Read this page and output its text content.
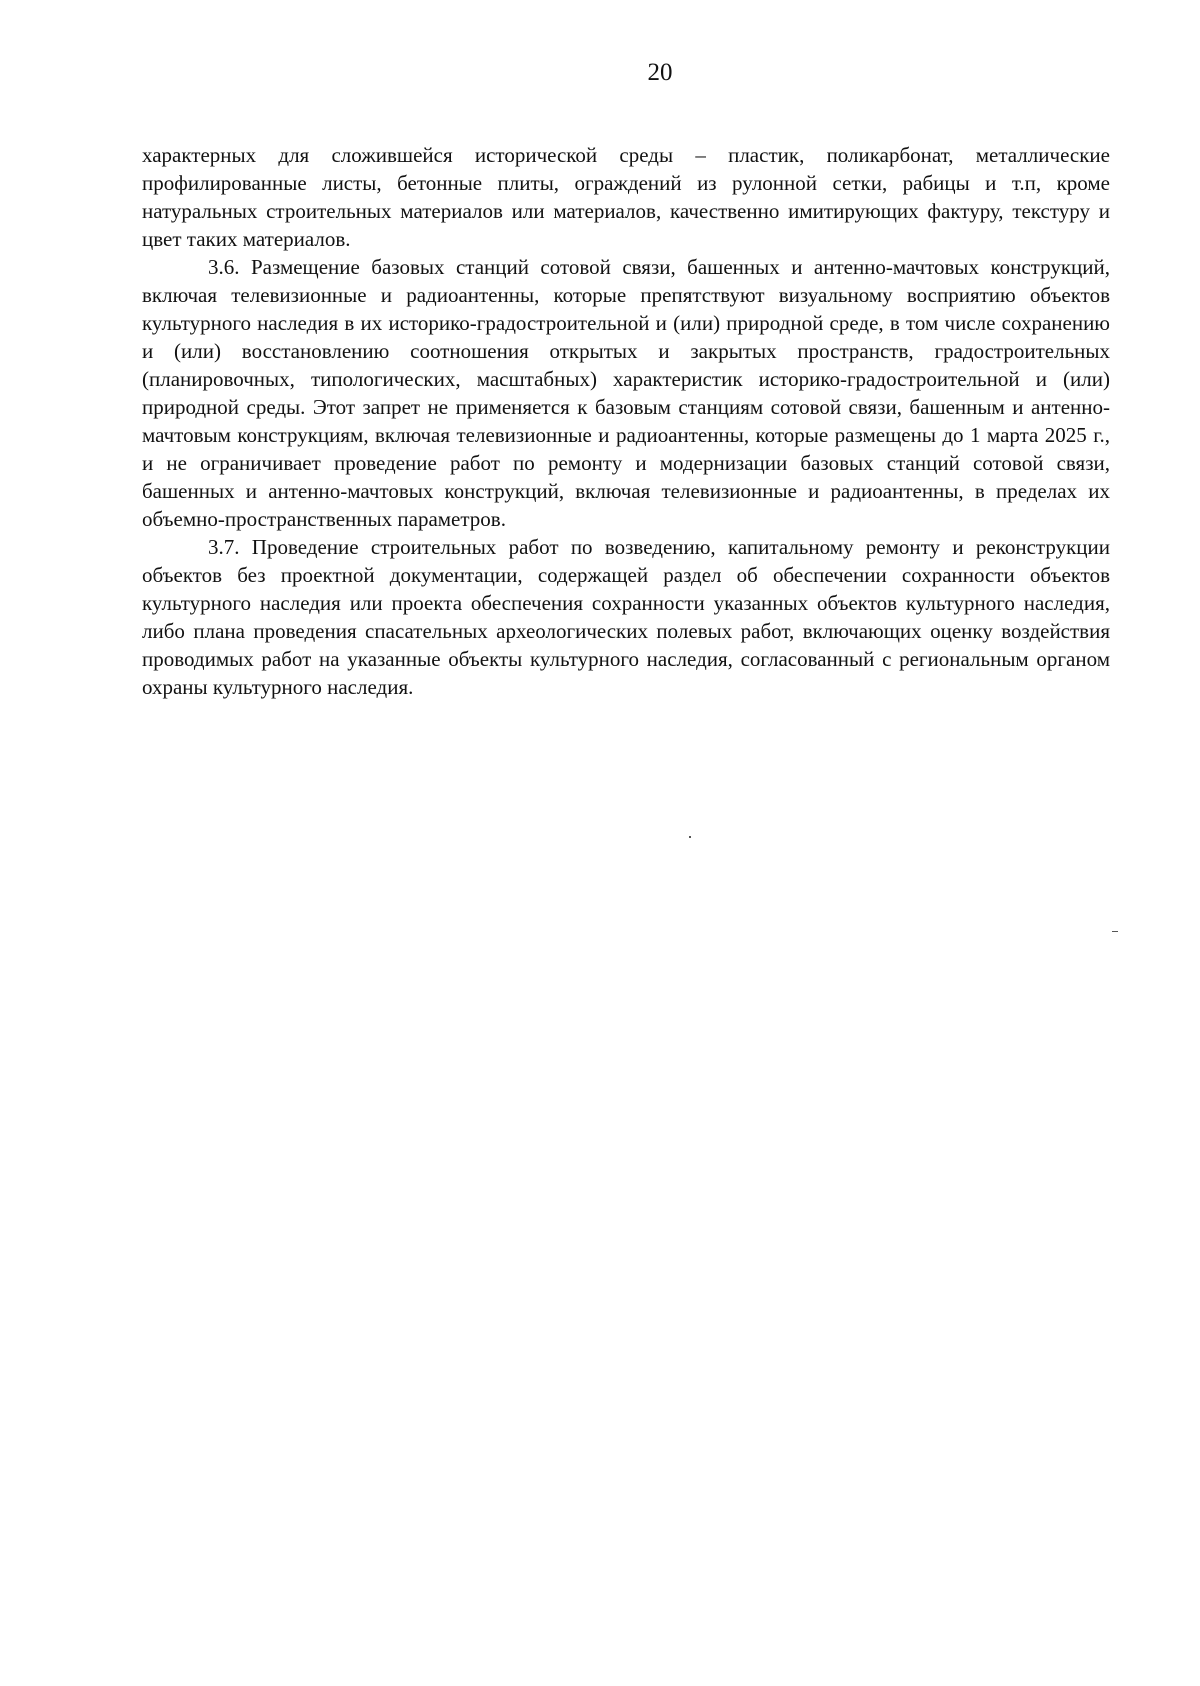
20

характерных для сложившейся исторической среды – пластик, поликарбонат, металлические профилированные листы, бетонные плиты, ограждений из рулонной сетки, рабицы и т.п, кроме натуральных строительных материалов или материалов, качественно имитирующих фактуру, текстуру и цвет таких материалов.

3.6. Размещение базовых станций сотовой связи, башенных и антенно-мачтовых конструкций, включая телевизионные и радиоантенны, которые препятствуют визуальному восприятию объектов культурного наследия в их историко-градостроительной и (или) природной среде, в том числе сохранению и (или) восстановлению соотношения открытых и закрытых пространств, градостроительных (планировочных, типологических, масштабных) характеристик историко-градостроительной и (или) природной среды. Этот запрет не применяется к базовым станциям сотовой связи, башенным и антенно-мачтовым конструкциям, включая телевизионные и радиоантенны, которые размещены до 1 марта 2025 г., и не ограничивает проведение работ по ремонту и модернизации базовых станций сотовой связи, башенных и антенно-мачтовых конструкций, включая телевизионные и радиоантенны, в пределах их объемно-пространственных параметров.

3.7. Проведение строительных работ по возведению, капитальному ремонту и реконструкции объектов без проектной документации, содержащей раздел об обеспечении сохранности объектов культурного наследия или проекта обеспечения сохранности указанных объектов культурного наследия, либо плана проведения спасательных археологических полевых работ, включающих оценку воздействия проводимых работ на указанные объекты культурного наследия, согласованный с региональным органом охраны культурного наследия.
